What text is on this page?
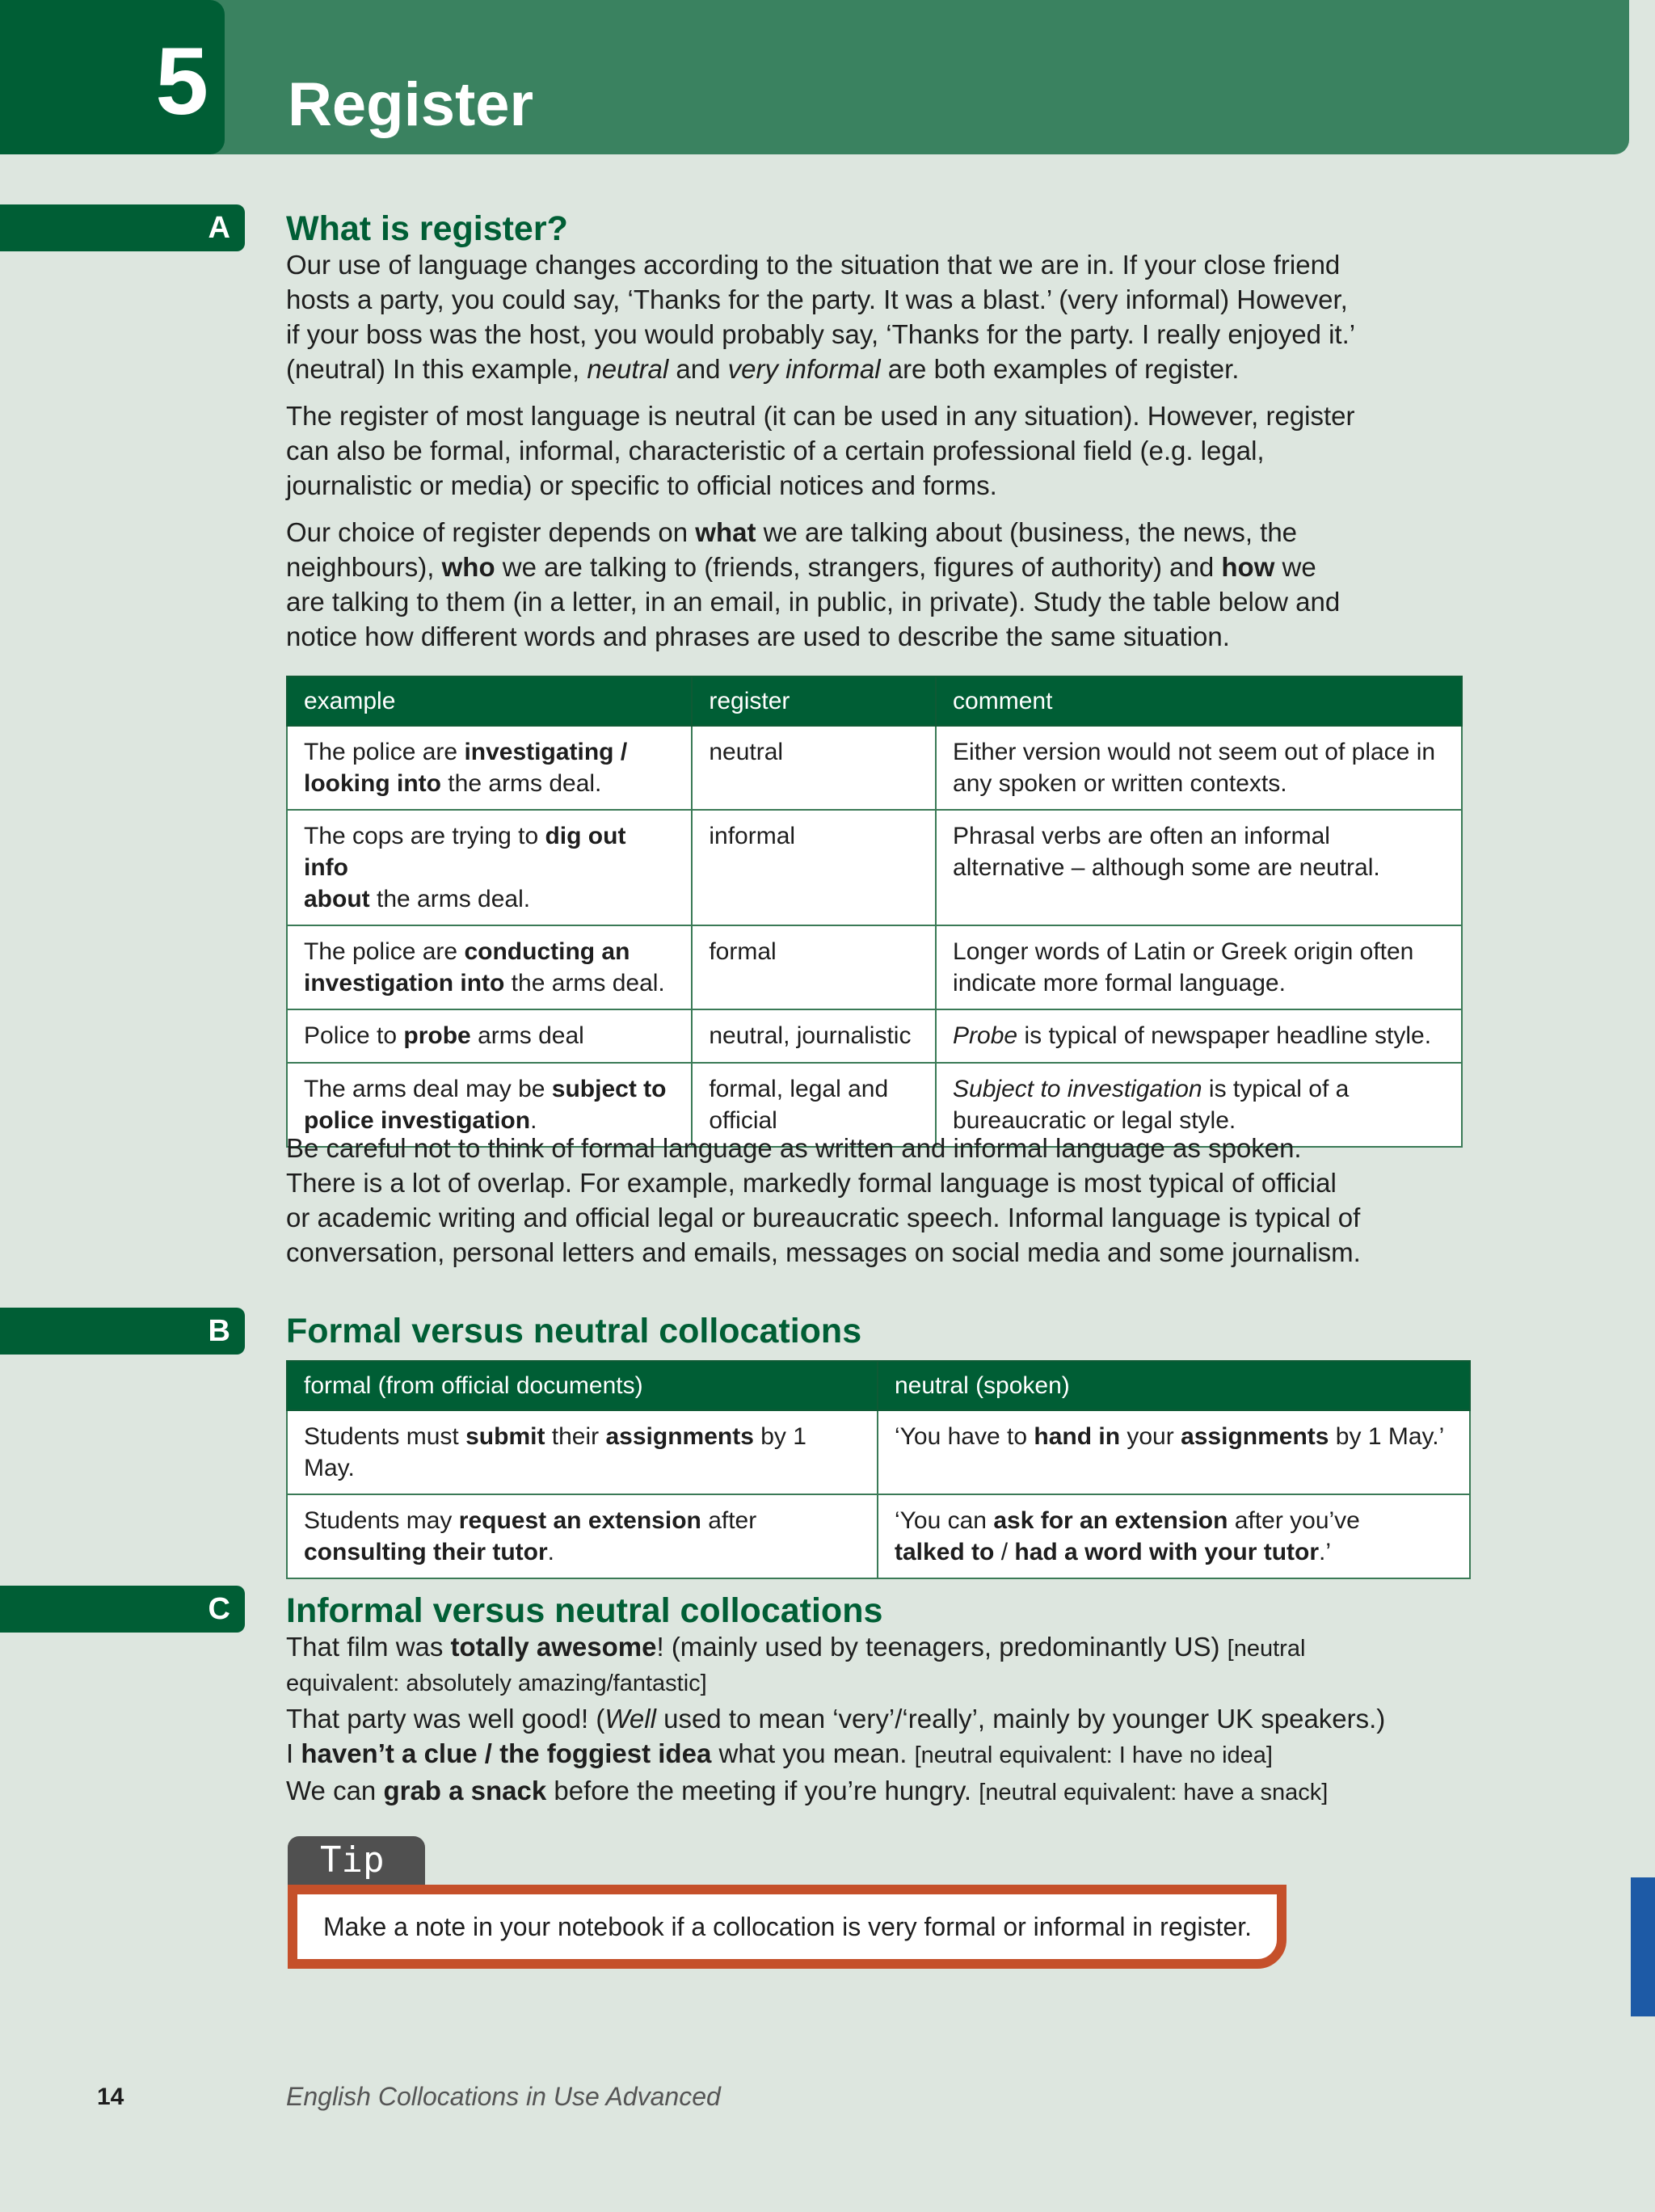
5 Register
A What is register?
Our use of language changes according to the situation that we are in. If your close friend
hosts a party, you could say, ‘Thanks for the party. It was a blast.’ (very informal) However,
if your boss was the host, you would probably say, ‘Thanks for the party. I really enjoyed it.’
(neutral) In this example, neutral and very informal are both examples of register.
The register of most language is neutral (it can be used in any situation). However, register
can also be formal, informal, characteristic of a certain professional field (e.g. legal,
journalistic or media) or specific to official notices and forms.
Our choice of register depends on what we are talking about (business, the news, the
neighbours), who we are talking to (friends, strangers, figures of authority) and how we
are talking to them (in a letter, in an email, in public, in private). Study the table below and
notice how different words and phrases are used to describe the same situation.
example	register	comment
The police are investigating /
looking into the arms deal.	neutral	Either version would not seem out of place in
any spoken or written contexts.
The cops are trying to dig out info
about the arms deal.	informal	Phrasal verbs are often an informal
alternative – although some are neutral.
The police are conducting an
investigation into the arms deal.	formal	Longer words of Latin or Greek origin often
indicate more formal language.
Police to probe arms deal	neutral, journalistic	Probe is typical of newspaper headline style.
The arms deal may be subject to
police investigation.	formal, legal and
official	Subject to investigation is typical of a
bureaucratic or legal style.
Be careful not to think of formal language as written and informal language as spoken.
There is a lot of overlap. For example, markedly formal language is most typical of official
or academic writing and official legal or bureaucratic speech. Informal language is typical of
conversation, personal letters and emails, messages on social media and some journalism.
B Formal versus neutral collocations
formal (from official documents)	neutral (spoken)
Students must submit their assignments by 1 May.	‘You have to hand in your assignments by 1 May.’
Students may request an extension after
consulting their tutor.	‘You can ask for an extension after you’ve
talked to / had a word with your tutor.’
C Informal versus neutral collocations
That film was totally awesome! (mainly used by teenagers, predominantly US) [neutral
equivalent: absolutely amazing/fantastic]
That party was well good! (Well used to mean ‘very’/‘really’, mainly by younger UK speakers.)
I haven’t a clue / the foggiest idea what you mean. [neutral equivalent: I have no idea]
We can grab a snack before the meeting if you’re hungry. [neutral equivalent: have a snack]
Tip
Make a note in your notebook if a collocation is very formal or informal in register.
14	English Collocations in Use Advanced
